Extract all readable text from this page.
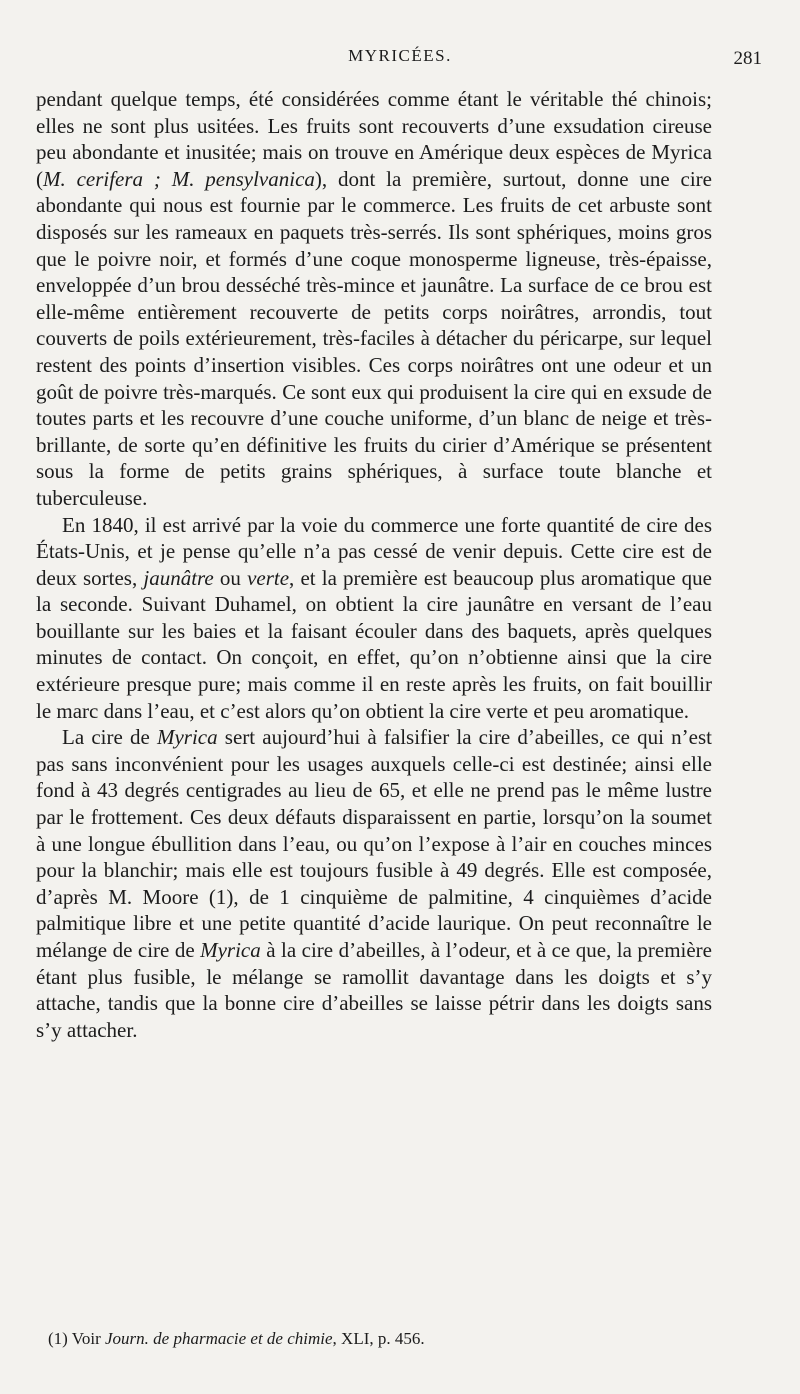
MYRICÉES.	281

pendant quelque temps, été considérées comme étant le véritable thé chinois; elles ne sont plus usitées. Les fruits sont recouverts d’une exsudation cireuse peu abondante et inusitée; mais on trouve en Amérique deux espèces de Myrica (M. cerifera ; M. pensylvanica), dont la première, surtout, donne une cire abondante qui nous est fournie par le commerce. Les fruits de cet arbuste sont disposés sur les rameaux en paquets très-serrés. Ils sont sphériques, moins gros que le poivre noir, et formés d’une coque monosperme ligneuse, très-épaisse, enveloppée d’un brou desséché très-mince et jaunâtre. La surface de ce brou est elle-même entièrement recouverte de petits corps noirâtres, arrondis, tout couverts de poils extérieurement, très-faciles à détacher du péricarpe, sur lequel restent des points d’insertion visibles. Ces corps noirâtres ont une odeur et un goût de poivre très-marqués. Ce sont eux qui produisent la cire qui en exsude de toutes parts et les recouvre d’une couche uniforme, d’un blanc de neige et très-brillante, de sorte qu’en définitive les fruits du cirier d’Amérique se présentent sous la forme de petits grains sphériques, à surface toute blanche et tuberculeuse.

En 1840, il est arrivé par la voie du commerce une forte quantité de cire des États-Unis, et je pense qu’elle n’a pas cessé de venir depuis. Cette cire est de deux sortes, jaunâtre ou verte, et la première est beaucoup plus aromatique que la seconde. Suivant Duhamel, on obtient la cire jaunâtre en versant de l’eau bouillante sur les baies et la faisant écouler dans des baquets, après quelques minutes de contact. On conçoit, en effet, qu’on n’obtienne ainsi que la cire extérieure presque pure; mais comme il en reste après les fruits, on fait bouillir le marc dans l’eau, et c’est alors qu’on obtient la cire verte et peu aromatique.

La cire de Myrica sert aujourd’hui à falsifier la cire d’abeilles, ce qui n’est pas sans inconvénient pour les usages auxquels celle-ci est destinée; ainsi elle fond à 43 degrés centigrades au lieu de 65, et elle ne prend pas le même lustre par le frottement. Ces deux défauts disparaissent en partie, lorsqu’on la soumet à une longue ébullition dans l’eau, ou qu’on l’expose à l’air en couches minces pour la blanchir; mais elle est toujours fusible à 49 degrés. Elle est composée, d’après M. Moore (1), de 1 cinquième de palmitine, 4 cinquièmes d’acide palmitique libre et une petite quantité d’acide laurique. On peut reconnaître le mélange de cire de Myrica à la cire d’abeilles, à l’odeur, et à ce que, la première étant plus fusible, le mélange se ramollit davantage dans les doigts et s’y attache, tandis que la bonne cire d’abeilles se laisse pétrir dans les doigts sans s’y attacher.

(1) Voir Journ. de pharmacie et de chimie, XLI, p. 456.
